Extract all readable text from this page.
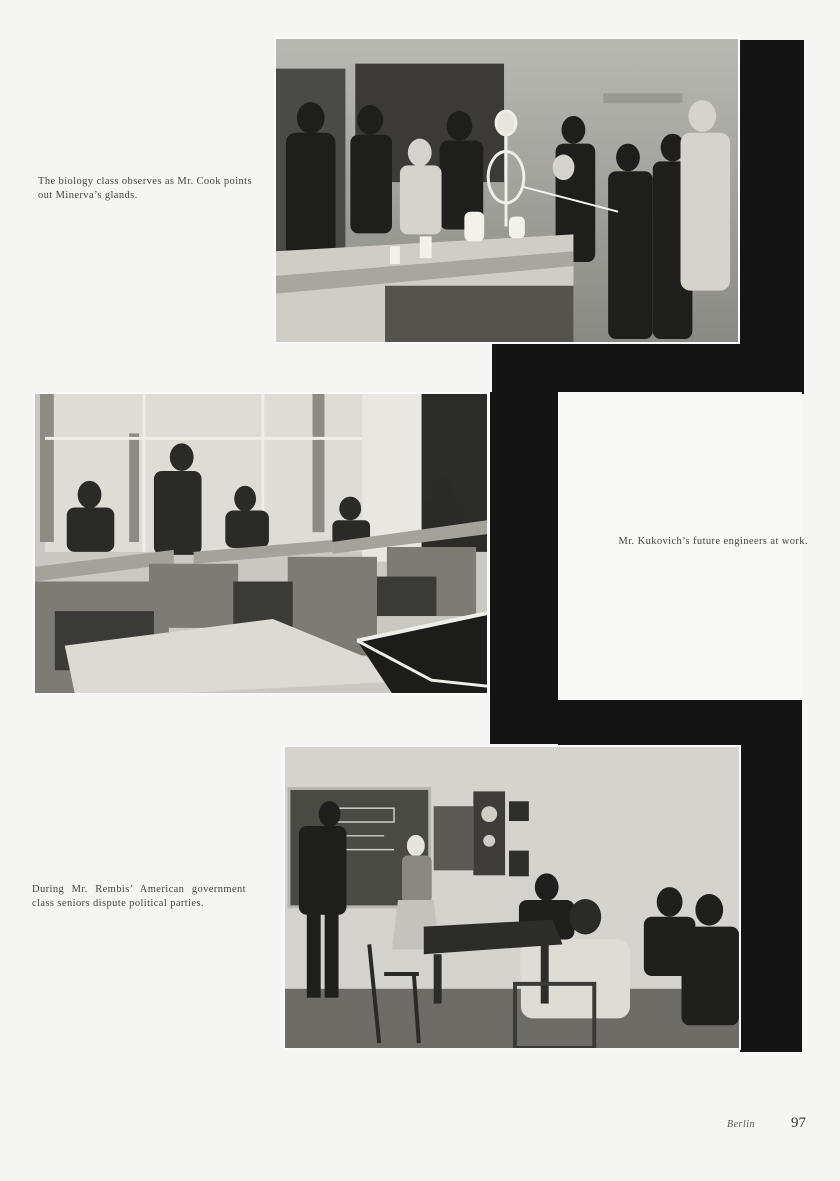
The biology class observes as Mr. Cook points out Minerva’s glands.
Mr. Kukovich’s future engineers at work.
During Mr. Rembis’ American government class seniors dispute political parties.
Berlin 97
